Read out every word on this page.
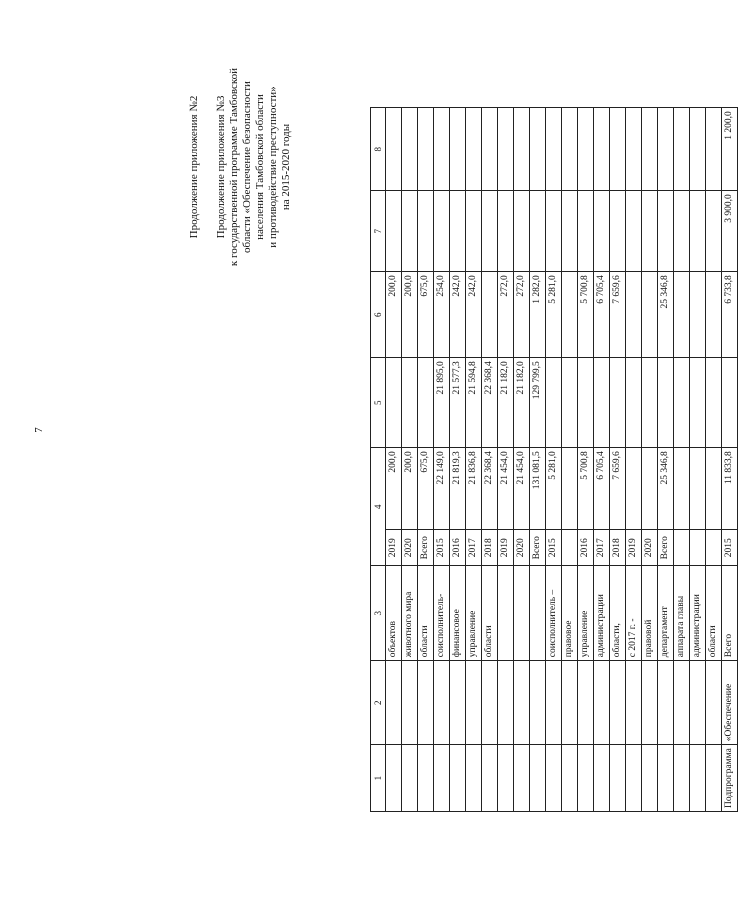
7
Продолжение приложения №2 Продолжение приложения №3 к государственной программе Тамбовской области «Обеспечение безопасности населения Тамбовской области и противодействие преступности» на 2015-2020 годы
1	2	3	4		5	6	7	8
		объектов	2019	200,0		200,0		
		животного мира	2020	200,0		200,0		
		области	Всего	675,0		675,0		
		соисполнитель-	2015	22 149,0	21 895,0	254,0		
		финансовое	2016	21 819,3	21 577,3	242,0		
		управление	2017	21 836,8	21 594,8	242,0		
		области	2018	22 368,4	22 368,4			
			2019	21 454,0	21 182,0	272,0		
			2020	21 454,0	21 182,0	272,0		
			Всего	131 081,5	129 799,5	1 282,0		
		соисполнитель –	2015	5 281,0		5 281,0		
		правовое						
		управление	2016	5 700,8		5 700,8		
		администрации	2017	6 705,4		6 705,4		
		области,	2018	7 659,6		7 659,6		
		с 2017 г. -	2019					
		правовой	2020					
		департамент	Всего	25 346,8		25 346,8		
		аппарата главы						
		администрации						
		области						
Подпрограмма	«Обеспечение	Всего	2015	11 833,8		6 733,8	3 900,0	1 200,0
